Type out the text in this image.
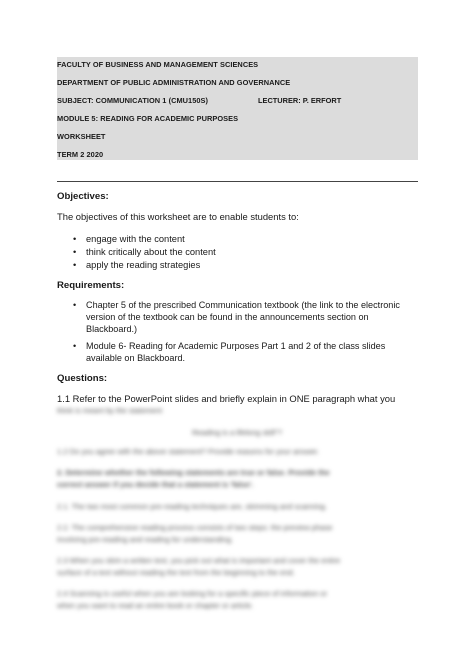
FACULTY OF BUSINESS AND MANAGEMENT SCIENCES
DEPARTMENT OF PUBLIC ADMINISTRATION AND GOVERNANCE
SUBJECT: COMMUNICATION 1 (CMU150S)	LECTURER: P. ERFORT
MODULE 5: READING FOR ACADEMIC PURPOSES
WORKSHEET
TERM 2 2020
Objectives:
The objectives of this worksheet are to enable students to:
• engage with the content
• think critically about the content
• apply the reading strategies
Requirements:
• Chapter 5 of the prescribed Communication textbook (the link to the electronic version of the textbook can be found in the announcements section on Blackboard.)
• Module 6- Reading for Academic Purposes Part 1 and 2 of the class slides available on Blackboard.
Questions:
1.1 Refer to the PowerPoint slides and briefly explain in ONE paragraph what you
think is meant by the statement
Reading is a lifelong skill"?
1.2 Do you agree with the above statement? Provide reasons for your answer.
2. Determine whether the following statements are true or false. Provide the
correct answer if you decide that a statement is 'false'.
2.1. The two most common pre-reading techniques are, skimming and scanning.
2.2. The comprehensive reading process consists of two steps: the preview phase
involving pre-reading and reading for understanding.
2.3 When you skim a written text, you pick out what is important and cover the entire
surface of a text without reading the text from the beginning to the end.
2.4 Scanning is useful when you are looking for a specific piece of information or
when you want to read an entire book or chapter or article.
